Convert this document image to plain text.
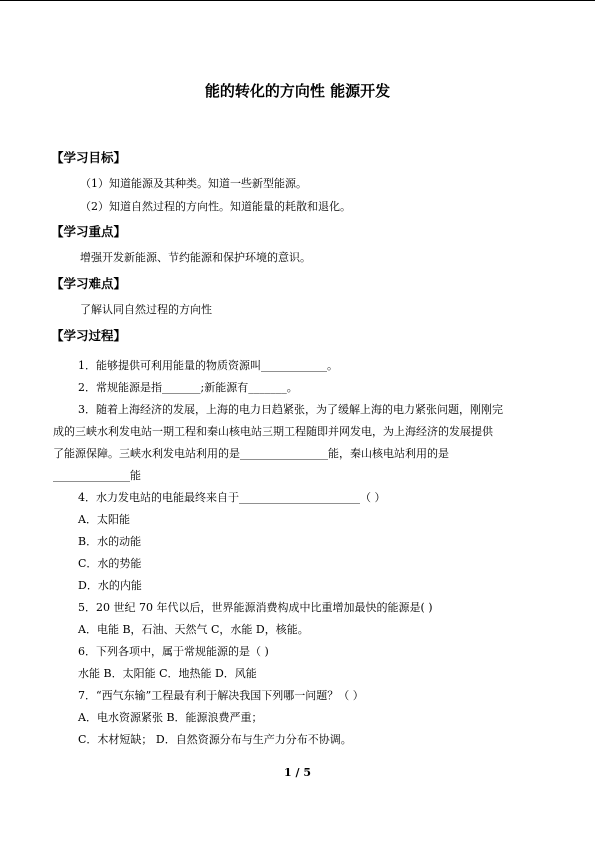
能的转化的方向性 能源开发
【学习目标】
（1）知道能源及其种类。知道一些新型能源。
（2）知道自然过程的方向性。知道能量的耗散和退化。
【学习重点】
增强开发新能源、节约能源和保护环境的意识。
【学习难点】
了解认同自然过程的方向性
【学习过程】
1．能够提供可利用能量的物质资源叫____________。
2．常规能源是指_______;新能源有_______。
3．随着上海经济的发展，上海的电力日趋紧张，为了缓解上海的电力紧张问题，刚刚完
成的三峡水利发电站一期工程和秦山核电站三期工程随即并网发电，为上海经济的发展提供
了能源保障。三峡水利发电站利用的是________________能，秦山核电站利用的是
______________能
4．水力发电站的电能最终来自于______________________（ ）
A．太阳能
B．水的动能
C．水的势能
D．水的内能
5．20 世纪 70 年代以后，世界能源消费构成中比重增加最快的能源是( )
A．电能 B，石油、天然气 C，水能 D，核能。
6．下列各项中，属于常规能源的是（ )
水能 B．太阳能 C．地热能 D．风能
7．“西气东输”工程最有利于解决我国下列哪一问题？（ ）
A．电水资源紧张 B．能源浪费严重；
C．木材短缺； D．自然资源分布与生产力分布不协调。
1 / 5
